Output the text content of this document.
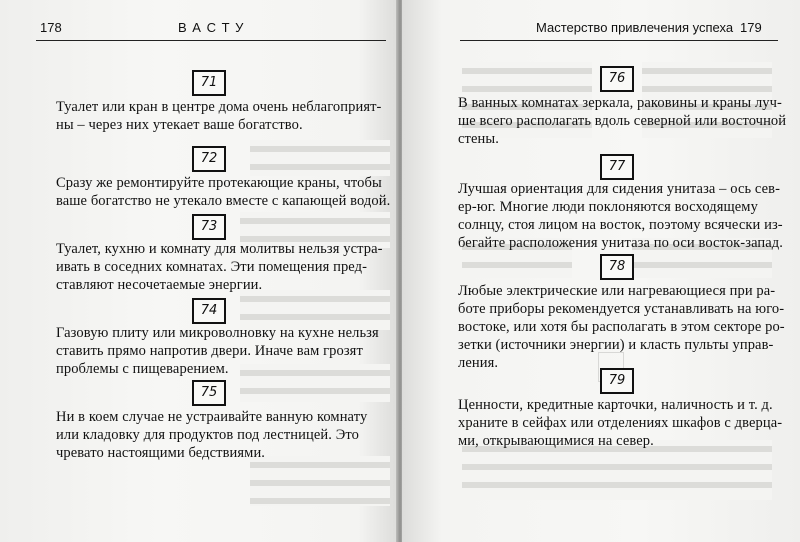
178	В А С Т У
71
Туалет или кран в центре дома очень неблагоприят-
ны – через них утекает ваше богатство.
72
Сразу же ремонтируйте протекающие краны, чтобы
ваше богатство не утекало вместе с капающей водой.
73
Туалет, кухню и комнату для молитвы нельзя устра-
ивать в соседних комнатах. Эти помещения пред-
ставляют несочетаемые энергии.
74
Газовую плиту или микроволновку на кухне нельзя
ставить прямо напротив двери. Иначе вам грозят
проблемы с пищеварением.
75
Ни в коем случае не устраивайте ванную комнату
или кладовку для продуктов под лестницей. Это
чревато настоящими бедствиями.
Мастерство привлечения успеха 179
76
В ванных комнатах зеркала, раковины и краны луч-
ше всего располагать вдоль северной или восточной
стены.
77
Лучшая ориентация для сидения унитаза – ось сев-
ер-юг. Многие люди поклоняются восходящему
солнцу, стоя лицом на восток, поэтому всячески из-
бегайте расположения унитаза по оси восток-запад.
78
Любые электрические или нагревающиеся при ра-
боте приборы рекомендуется устанавливать на юго-
востоке, или хотя бы располагать в этом секторе ро-
зетки (источники энергии) и класть пульты управ-
ления.
79
Ценности, кредитные карточки, наличность и т. д.
храните в сейфах или отделениях шкафов с дверца-
ми, открывающимися на север.
